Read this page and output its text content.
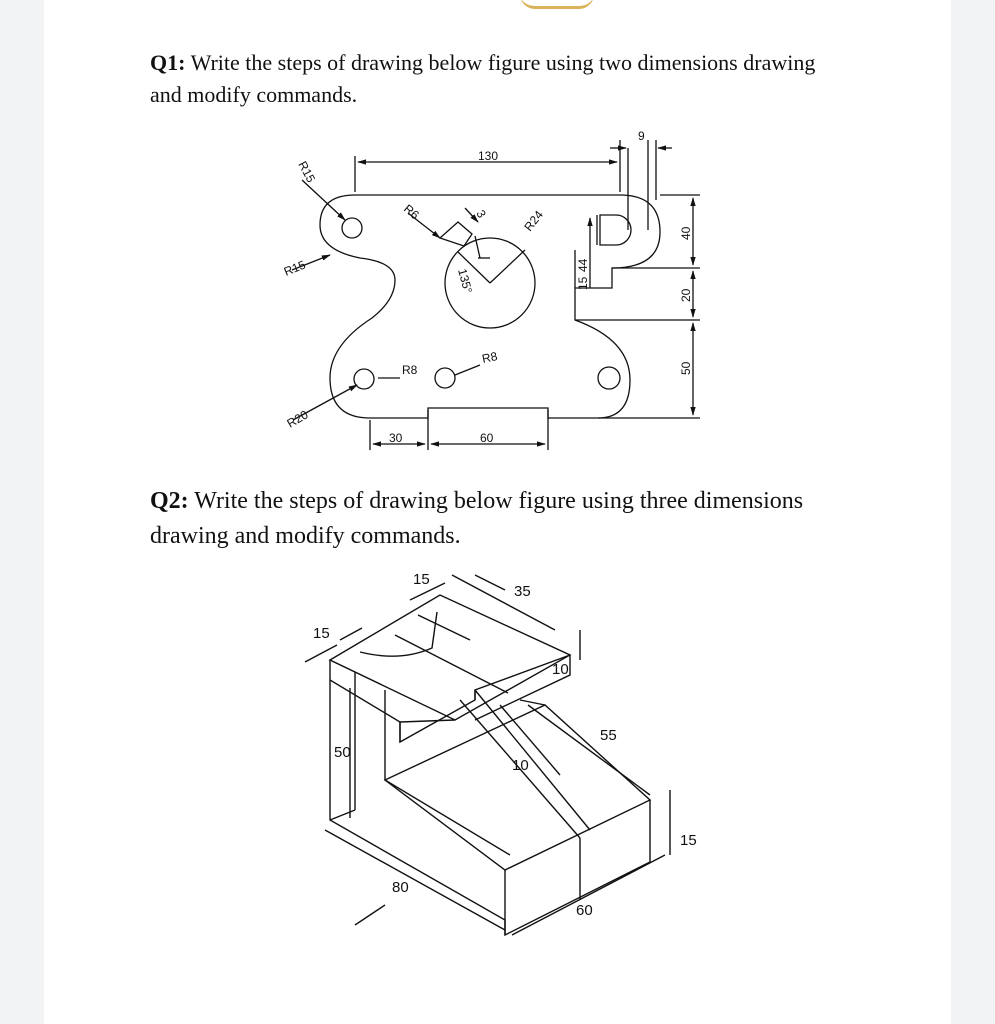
Q1: Write the steps of drawing below figure using two dimensions drawing and modify commands.
Q2: Write the steps of drawing below figure using three dimensions drawing and modify commands.
130
9
40
20
50
30	60
R15
R15
R20
R6	R24
R8
R8
3
135°	15
44
15
35
15
10
50
10
55
15
80
60
